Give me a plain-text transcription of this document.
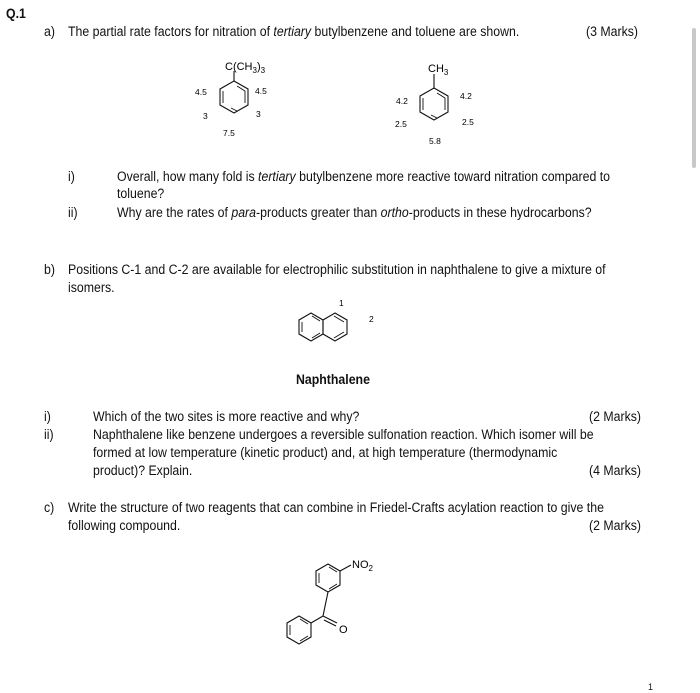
Q.1
a) The partial rate factors for nitration of tertiary butylbenzene and toluene are shown.	(3 Marks)
$C(CH_3)_3$
4.5	4.5
3	3
7.5
$CH_3$
4.2	4.2
2.5	2.5
5.8
i)	Overall, how many fold is tertiary butylbenzene more reactive toward nitration compared to
toluene?
ii)	Why are the rates of para-products greater than ortho-products in these hydrocarbons?
b) Positions C-1 and C-2 are available for electrophilic substitution in naphthalene to give a mixture of
isomers.
1
2
Naphthalene
i)	Which of the two sites is more reactive and why?	(2 Marks)
ii)	Naphthalene like benzene undergoes a reversible sulfonation reaction. Which isomer will be
formed at low temperature (kinetic product) and, at high temperature (thermodynamic
product)? Explain.	(4 Marks)
c) Write the structure of two reagents that can combine in Friedel-Crafts acylation reaction to give the
following compound.	(2 Marks)
$NO_2$
O
1
